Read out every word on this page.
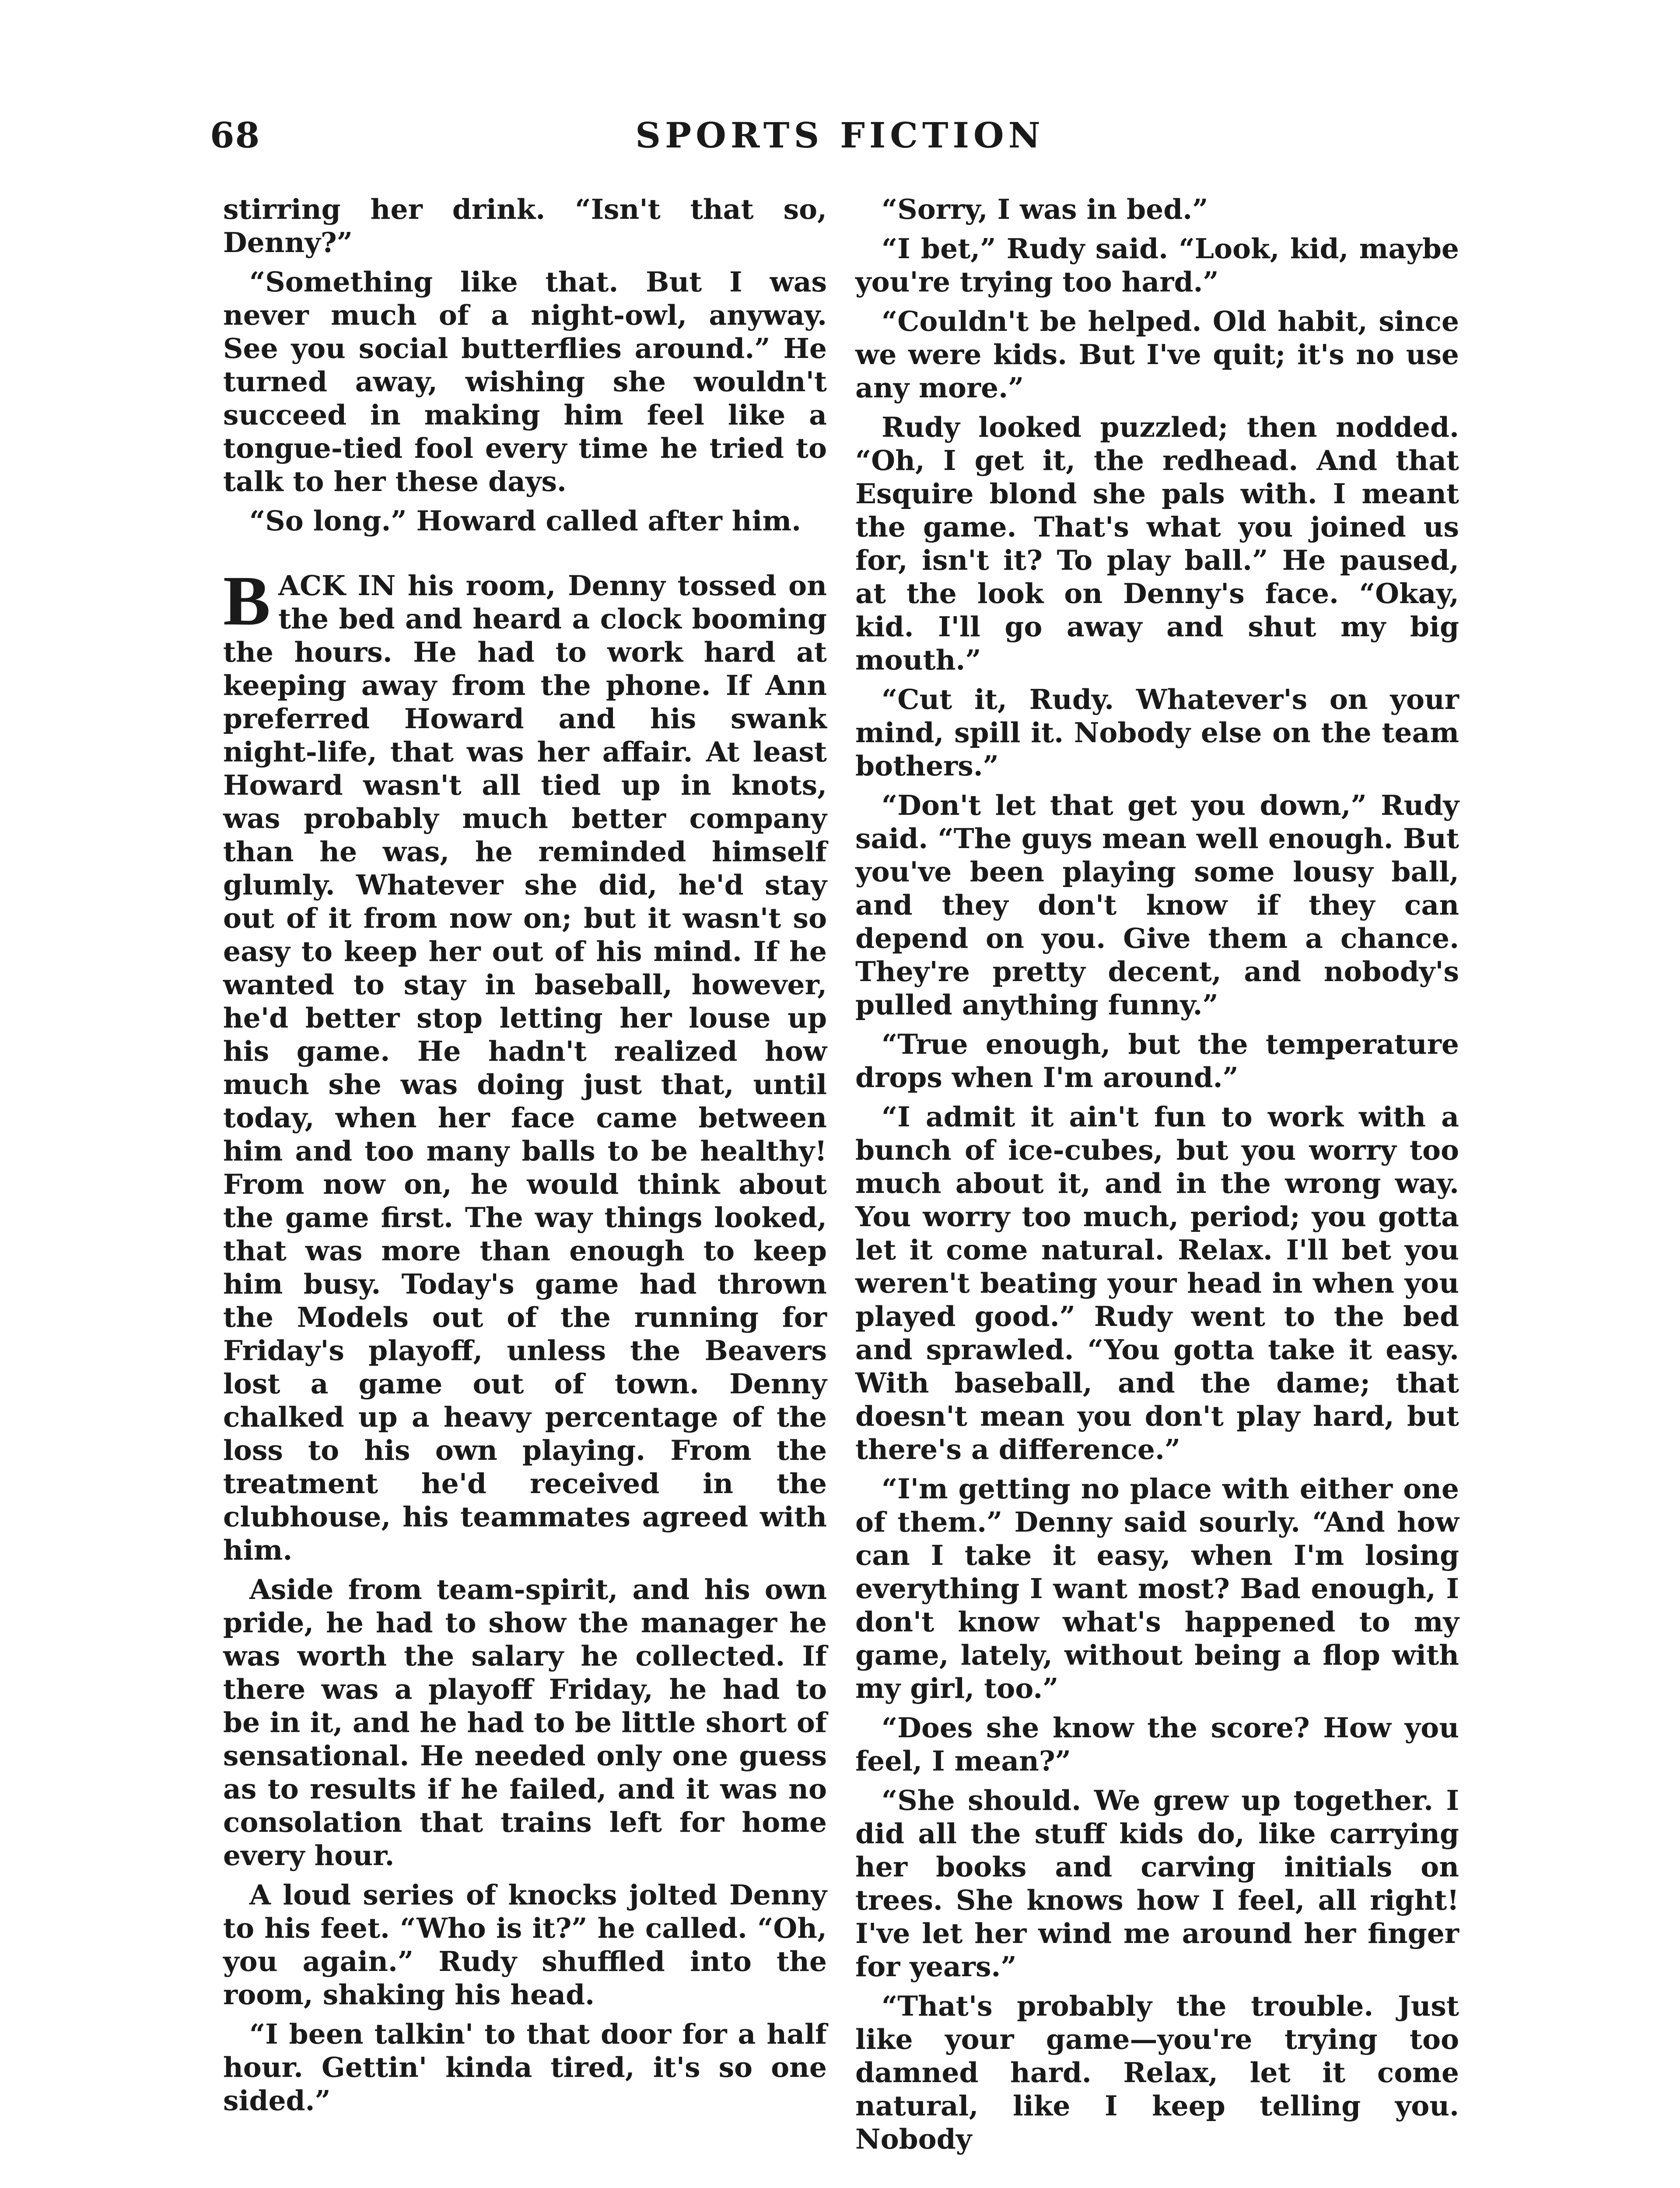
68	SPORTS FICTION

stirring her drink. “Isn't that so, Denny?”

“Something like that. But I was never much of a night-owl, anyway. See you social butterflies around.” He turned away, wishing she wouldn't succeed in making him feel like a tongue-tied fool every time he tried to talk to her these days.

“So long.” Howard called after him.

BACK IN his room, Denny tossed on the bed and heard a clock booming the hours. He had to work hard at keeping away from the phone. If Ann preferred Howard and his swank night-life, that was her affair. At least Howard wasn't all tied up in knots, was probably much better company than he was, he reminded himself glumly. Whatever she did, he'd stay out of it from now on; but it wasn't so easy to keep her out of his mind. If he wanted to stay in baseball, however, he'd better stop letting her louse up his game. He hadn't realized how much she was doing just that, until today, when her face came between him and too many balls to be healthy! From now on, he would think about the game first. The way things looked, that was more than enough to keep him busy. Today's game had thrown the Models out of the running for Friday's playoff, unless the Beavers lost a game out of town. Denny chalked up a heavy percentage of the loss to his own playing. From the treatment he'd received in the clubhouse, his teammates agreed with him.

Aside from team-spirit, and his own pride, he had to show the manager he was worth the salary he collected. If there was a playoff Friday, he had to be in it, and he had to be little short of sensational. He needed only one guess as to results if he failed, and it was no consolation that trains left for home every hour.

A loud series of knocks jolted Denny to his feet. “Who is it?” he called. “Oh, you again.” Rudy shuffled into the room, shaking his head.

“I been talkin' to that door for a half hour. Gettin' kinda tired, it's so one sided.”

“Sorry, I was in bed.”

“I bet,” Rudy said. “Look, kid, maybe you're trying too hard.”

“Couldn't be helped. Old habit, since we were kids. But I've quit; it's no use any more.”

Rudy looked puzzled; then nodded. “Oh, I get it, the redhead. And that Esquire blond she pals with. I meant the game. That's what you joined us for, isn't it? To play ball.” He paused, at the look on Denny's face. “Okay, kid. I'll go away and shut my big mouth.”

“Cut it, Rudy. Whatever's on your mind, spill it. Nobody else on the team bothers.”

“Don't let that get you down,” Rudy said. “The guys mean well enough. But you've been playing some lousy ball, and they don't know if they can depend on you. Give them a chance. They're pretty decent, and nobody's pulled anything funny.”

“True enough, but the temperature drops when I'm around.”

“I admit it ain't fun to work with a bunch of ice-cubes, but you worry too much about it, and in the wrong way. You worry too much, period; you gotta let it come natural. Relax. I'll bet you weren't beating your head in when you played good.” Rudy went to the bed and sprawled. “You gotta take it easy. With baseball, and the dame; that doesn't mean you don't play hard, but there's a difference.”

“I'm getting no place with either one of them.” Denny said sourly. “And how can I take it easy, when I'm losing everything I want most? Bad enough, I don't know what's happened to my game, lately, without being a flop with my girl, too.”

“Does she know the score? How you feel, I mean?”

“She should. We grew up together. I did all the stuff kids do, like carrying her books and carving initials on trees. She knows how I feel, all right! I've let her wind me around her finger for years.”

“That's probably the trouble. Just like your game—you're trying too damned hard. Relax, let it come natural, like I keep telling you. Nobody
